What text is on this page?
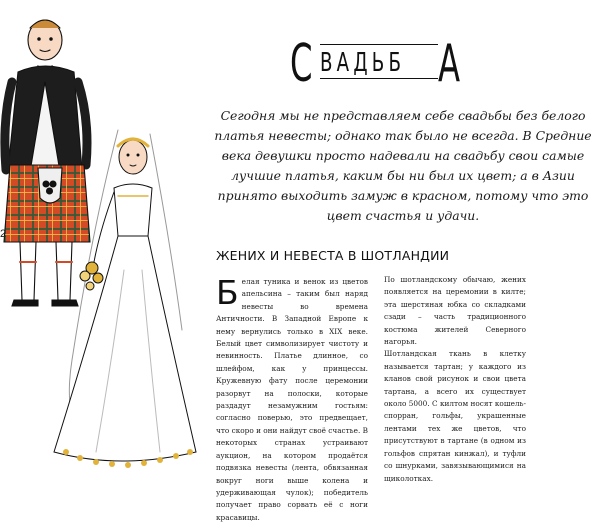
2
С ВАДЬБ А
Сегодня мы не представляем себе свадьбы без белого платья невесты; однако так было не всегда. В Средние века девушки просто надевали на свадьбу свои самые лучшие платья, каким бы ни был их цвет; а в Азии принято выходить замуж в красном, потому что это цвет счастья и удачи.
ЖЕНИХ И НЕВЕСТА В ШОТЛАНДИИ
Б елая туника и венок из цветов апельсина – таким был наряд невесты во времена Античности. В Западной Европе к нему вернулись только в XIX веке. Белый цвет символизирует чистоту и невинность. Платье длинное, со шлейфом, как у принцессы. Кружевную фату после церемонии разорвут на полоски, которые раздадут незамужним гостьям: согласно поверью, это предвещает, что скоро и они найдут своё счастье. В некоторых странах устраивают аукцион, на котором продаётся подвязка невесты (лента, обвязанная вокруг ноги выше колена и удерживающая чулок); победитель получает право сорвать её с ноги красавицы.

По шотландскому обычаю, жених появляется на церемонии в килте; эта шерстяная юбка со складками сзади – часть традиционного костюма жителей Северного нагорья.

Шотландская ткань в клетку называется тартан; у каждого из кланов свой рисунок и свои цвета тартана, а всего их существует около 5000. С килтом носят кошель-спорран, гольфы, украшенные лентами тех же цветов, что присутствуют в тартане (в одном из гольфов спрятан кинжал), и туфли со шнурками, завязывающимися на щиколотках.
